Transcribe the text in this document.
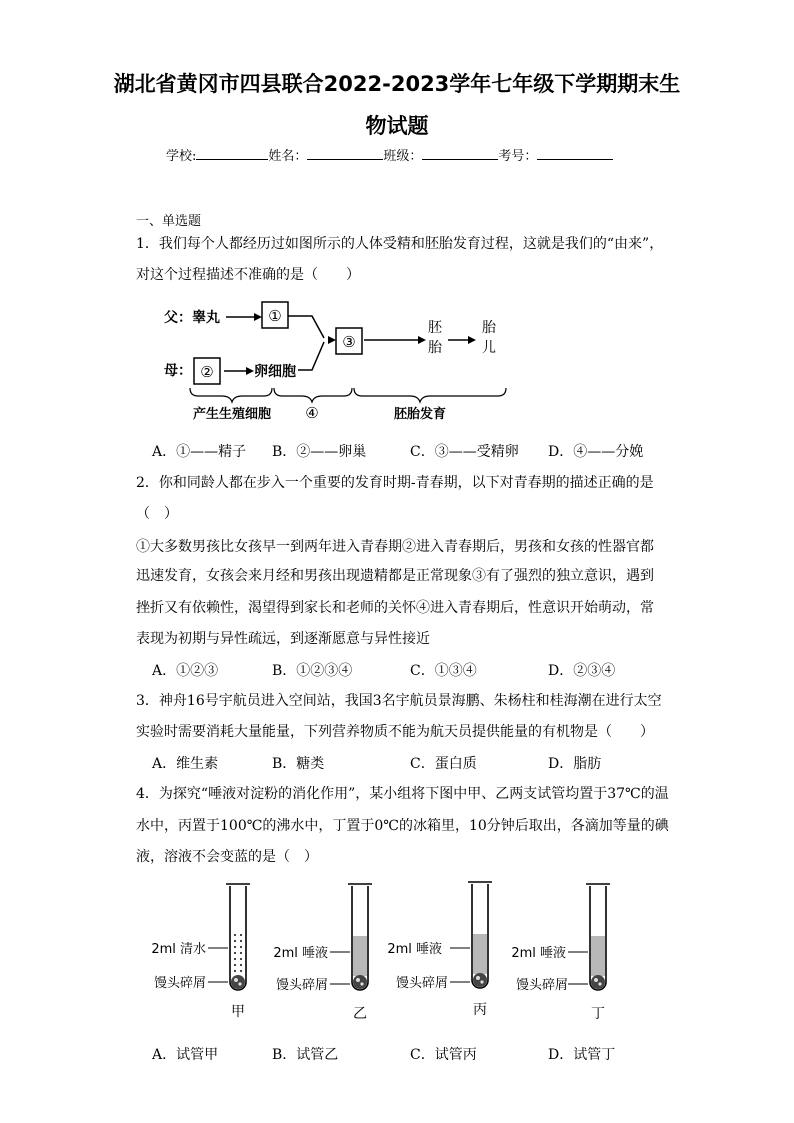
湖北省黄冈市四县联合2022-2023学年七年级下学期期末生
物试题
学校:	姓名：	班级：	考号：
一、单选题
1．我们每个人都经历过如图所示的人体受精和胚胎发育过程，这就是我们的“由来”，
对这个过程描述不准确的是（　　）
父：睾丸	①
母： ②	卵细胞
③
胚
胎
胎
儿
产生生殖细胞 ④	胚胎发育
A．①——精子 B．②——卵巢	C．③——受精卵 D．④——分娩
2．你和同龄人都在步入一个重要的发育时期-青春期，以下对青春期的描述正确的是
（　）
①大多数男孩比女孩早一到两年进入青春期②进入青春期后，男孩和女孩的性器官都
迅速发育，女孩会来月经和男孩出现遗精都是正常现象③有了强烈的独立意识，遇到
挫折又有依赖性，渴望得到家长和老师的关怀④进入青春期后，性意识开始萌动，常
表现为初期与异性疏远，到逐渐愿意与异性接近
A．①②③	B．①②③④	C．①③④	D．②③④
3．神舟16号宇航员进入空间站，我国3名宇航员景海鹏、朱杨柱和桂海潮在进行太空
实验时需要消耗大量能量，下列营养物质不能为航天员提供能量的有机物是（　　）
A．维生素	B．糖类	C．蛋白质	D．脂肪
4．为探究“唾液对淀粉的消化作用”，某小组将下图中甲、乙两支试管均置于37℃的温
水中，丙置于100℃的沸水中，丁置于0℃的冰箱里，10分钟后取出，各滴加等量的碘
液，溶液不会变蓝的是（　）
2ml 清水
馒头碎屑
甲
2ml 唾液
馒头碎屑
乙
2ml 唾液
馒头碎屑
丙
2ml 唾液
馒头碎屑
丁
A．试管甲	B．试管乙	C．试管丙	D．试管丁
